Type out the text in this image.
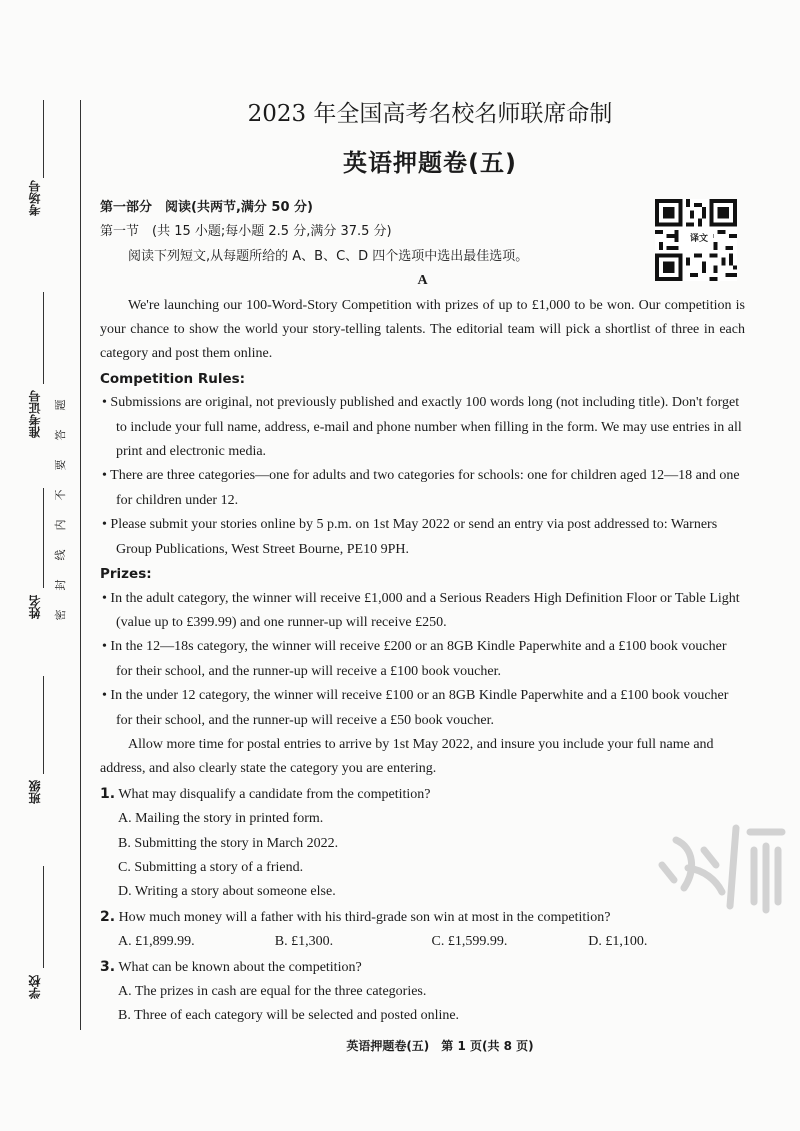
考场号
准考证号
姓名
班级
学校
题
答
要
不
内
线
封
密
2023 年全国高考名校名师联席命制
英语押题卷(五)
译文

第一部分　阅读(共两节,满分 50 分)

第一节　(共 15 小题;每小题 2.5 分,满分 37.5 分)

阅读下列短文,从每题所给的 A、B、C、D 四个选项中选出最佳选项。

A

We're launching our 100-Word-Story Competition with prizes of up to £1,000 to be won. Our competition is your chance to show the world your story-telling talents. The editorial team will pick a shortlist of three in each category and post them online.

Competition Rules:

• Submissions are original, not previously published and exactly 100 words long (not including title). Don't forget to include your full name, address, e-mail and phone number when filling in the form. We may use entries in all print and electronic media.

• There are three categories—one for adults and two categories for schools: one for children aged 12—18 and one for children under 12.

• Please submit your stories online by 5 p.m. on 1st May 2022 or send an entry via post addressed to: Warners Group Publications, West Street Bourne, PE10 9PH.

Prizes:

• In the adult category, the winner will receive £1,000 and a Serious Readers High Definition Floor or Table Light (value up to £399.99) and one runner-up will receive £250.

• In the 12—18s category, the winner will receive £200 or an 8GB Kindle Paperwhite and a £100 book voucher for their school, and the runner-up will receive a £100 book voucher.

• In the under 12 category, the winner will receive £100 or an 8GB Kindle Paperwhite and a £100 book voucher for their school, and the runner-up will receive a £50 book voucher.

Allow more time for postal entries to arrive by 1st May 2022, and insure you include your full name and address, and also clearly state the category you are entering.

1. What may disqualify a candidate from the competition?

A. Mailing the story in printed form.

B. Submitting the story in March 2022.

C. Submitting a story of a friend.

D. Writing a story about someone else.

2. How much money will a father with his third-grade son win at most in the competition?

A. £1,899.99.	B. £1,300.	C. £1,599.99.	D. £1,100.

3. What can be known about the competition?

A. The prizes in cash are equal for the three categories.

B. Three of each category will be selected and posted online.

英语押题卷(五)　第 1 页(共 8 页)
